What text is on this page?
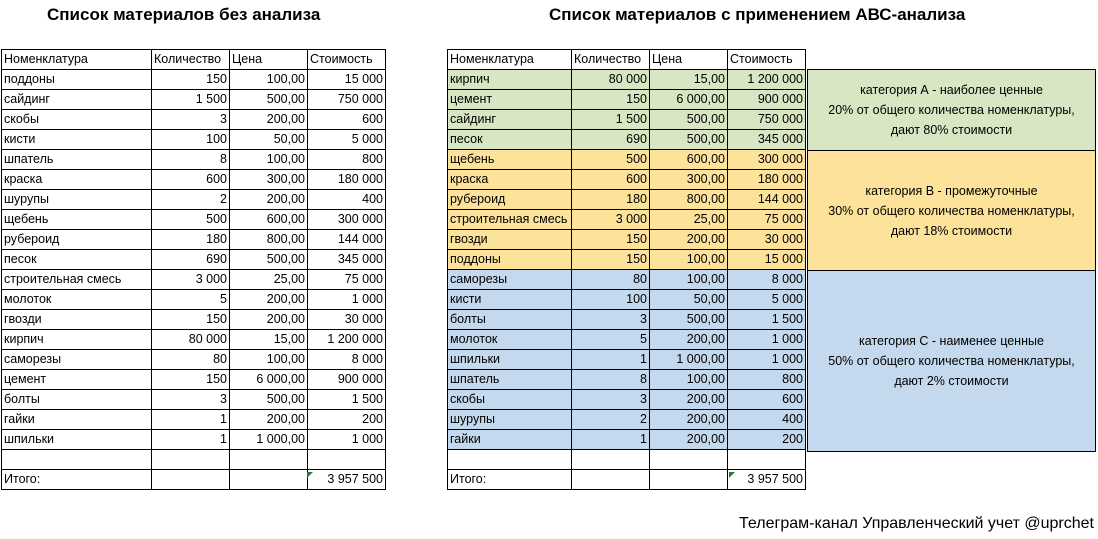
Список материалов без анализа	Список материалов с применением АВС-анализа
Номенклатура	Количество	Цена	Стоимость
поддоны	150	100,00	15 000
сайдинг	1 500	500,00	750 000
скобы	3	200,00	600
кисти	100	50,00	5 000
шпатель	8	100,00	800
краска	600	300,00	180 000
шурупы	2	200,00	400
щебень	500	600,00	300 000
рубероид	180	800,00	144 000
песок	690	500,00	345 000
строительная смесь	3 000	25,00	75 000
молоток	5	200,00	1 000
гвозди	150	200,00	30 000
кирпич	80 000	15,00	1 200 000
саморезы	80	100,00	8 000
цемент	150	6 000,00	900 000
болты	3	500,00	1 500
гайки	1	200,00	200
шпильки	1	1 000,00	1 000

Итого:			3 957 500
Номенклатура	Количество	Цена	Стоимость
кирпич	80 000	15,00	1 200 000
цемент	150	6 000,00	900 000
сайдинг	1 500	500,00	750 000
песок	690	500,00	345 000
щебень	500	600,00	300 000
краска	600	300,00	180 000
рубероид	180	800,00	144 000
строительная смесь	3 000	25,00	75 000
гвозди	150	200,00	30 000
поддоны	150	100,00	15 000
саморезы	80	100,00	8 000
кисти	100	50,00	5 000
болты	3	500,00	1 500
молоток	5	200,00	1 000
шпильки	1	1 000,00	1 000
шпатель	8	100,00	800
скобы	3	200,00	600
шурупы	2	200,00	400
гайки	1	200,00	200

Итого:			3 957 500
категория А - наиболее ценные
20% от общего количества номенклатуры,
дают 80% стоимости
категория В - промежуточные
30% от общего количества номенклатуры,
дают 18% стоимости
категория С - наименее ценные
50% от общего количества номенклатуры,
дают 2% стоимости
Телеграм-канал Управленческий учет @uprchet
